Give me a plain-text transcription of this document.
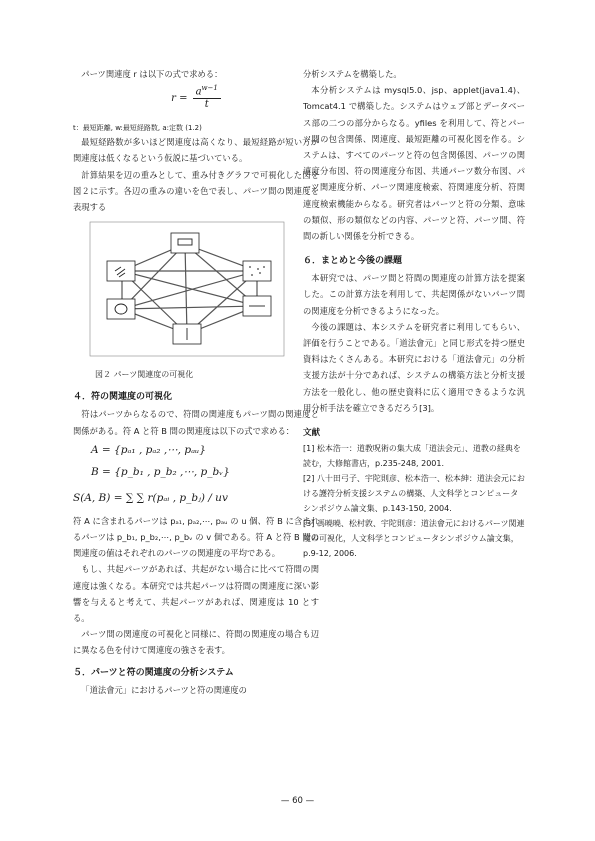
パーツ関連度 r は以下の式で求める：

$r = \frac{a^{w-1}}{t}$

t：最短距離, w:最短経路数, a:定数 (1.2)

最短経路数が多いほど関連度は高くなり、最短経路が短い方が関連度は低くなるという仮説に基づいている。

計算結果を辺の重みとして、重み付きグラフで可視化した図を図２に示す。各辺の重みの違いを色で表し、パーツ間の関連度を表現する

図２ パーツ関連度の可視化

４．符の関連度の可視化

符はパーツからなるので、符間の関連度もパーツ間の関連度と関係がある。符 A と符 B 間の関連度は以下の式で求める：

A = {pₐ₁ , pₐ₂ ,⋯, pₐᵤ}
B = {p_b₁ , p_b₂ ,⋯, p_bᵥ}
S(A, B) = ∑ ∑ r(pₐᵢ , p_bⱼ) / uv

符 A に含まれるパーツは pₐ₁, pₐ₂,⋯, pₐᵤ の u 個、符 B に含まれるパーツは p_b₁, p_b₂,⋯, p_bᵥ の v 個である。符 A と符 B 間の関連度の値はそれぞれのパーツの関連度の平均である。

もし、共起パーツがあれば、共起がない場合に比べて符間の関連度は強くなる。本研究では共起パーツは符間の関連度に深い影響を与えると考えて、共起パーツがあれば、関連度は 10 とする。

パーツ間の関連度の可視化と同様に、符間の関連度の場合も辺に異なる色を付けて関連度の強さを表す。

５．パーツと符の関連度の分析システム

「道法會元」におけるパーツと符の関連度の

分析システムを構築した。

本分析システムは mysql5.0、jsp、applet(java1.4)、Tomcat4.1 で構築した。システムはウェブ部とデータベース部の二つの部分からなる。yfiles を利用して、符とパーツ間の包含関係、関連度、最短距離の可視化図を作る。システムは、すべてのパーツと符の包含関係図、パーツの関連度分布図、符の関連度分布図、共通パーツ数分布図、パーツ関連度分析、パーツ関連度検索、符関連度分析、符関連度検索機能からなる。研究者はパーツと符の分類、意味の類似、形の類似などの内容、パーツと符、パーツ間、符間の新しい関係を分析できる。

６．まとめと今後の課題

本研究では、パーツ間と符間の関連度の計算方法を提案した。この計算方法を利用して、共起関係がないパーツ間の関連度を分析できるようになった。

今後の課題は、本システムを研究者に利用してもらい、評価を行うことである。「道法會元」と同じ形式を持つ歴史資料はたくさんある。本研究における「道法會元」の分析支援方法が十分であれば、システムの構築方法と分析支援方法を一般化し、他の歴史資料に広く適用できるような汎用分析手法を確立できるだろう[3]。

文献

[1] 松本浩一：道教呪術の集大成「道法会元」、道教の経典を読む，大修館書店，p.235-248, 2001.

[2] 八十田弓子、宇陀則彦、松本浩一、松本紳：道法会元における護符分析支援システムの構築、人文科学とコンピュータシンポジウム論文集、p.143-150, 2004.

[3] 馮曉曉、松村敦、宇陀則彦：道法會元におけるパーツ関連度の可視化，人文科学とコンピュータシンポジウム論文集，p.9-12, 2006.

— 60 —
